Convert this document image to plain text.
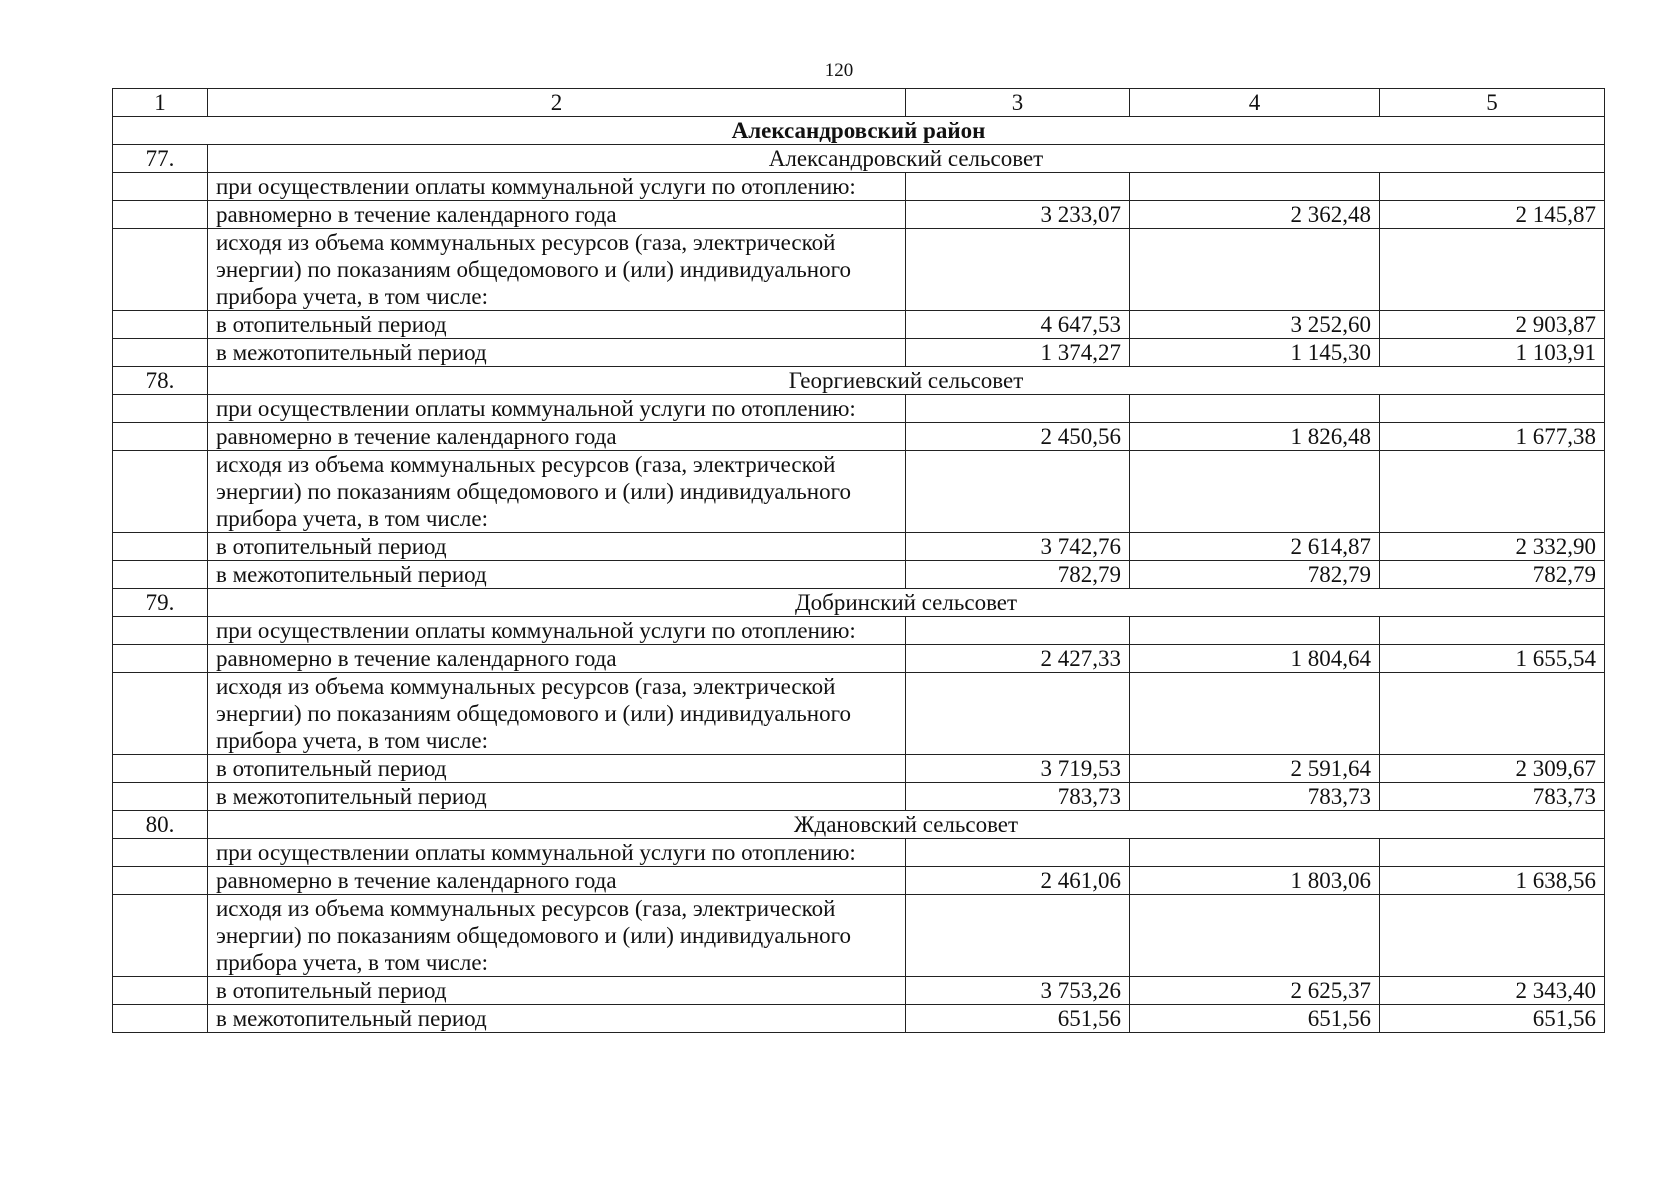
120
1	2	3	4	5
Александровский район				
77.	Александровский сельсовет			
	при осуществлении оплаты коммунальной услуги по отоплению:			
	равномерно в течение календарного года	3 233,07	2 362,48	2 145,87
	исходя из объема коммунальных ресурсов (газа, электрической энергии) по показаниям общедомового и (или) индивидуального прибора учета, в том числе:			
	в отопительный период	4 647,53	3 252,60	2 903,87
	в межотопительный период	1 374,27	1 145,30	1 103,91
78.	Георгиевский сельсовет			
	при осуществлении оплаты коммунальной услуги по отоплению:			
	равномерно в течение календарного года	2 450,56	1 826,48	1 677,38
	исходя из объема коммунальных ресурсов (газа, электрической энергии) по показаниям общедомового и (или) индивидуального прибора учета, в том числе:			
	в отопительный период	3 742,76	2 614,87	2 332,90
	в межотопительный период	782,79	782,79	782,79
79.	Добринский сельсовет			
	при осуществлении оплаты коммунальной услуги по отоплению:			
	равномерно в течение календарного года	2 427,33	1 804,64	1 655,54
	исходя из объема коммунальных ресурсов (газа, электрической энергии) по показаниям общедомового и (или) индивидуального прибора учета, в том числе:			
	в отопительный период	3 719,53	2 591,64	2 309,67
	в межотопительный период	783,73	783,73	783,73
80.	Ждановский сельсовет			
	при осуществлении оплаты коммунальной услуги по отоплению:			
	равномерно в течение календарного года	2 461,06	1 803,06	1 638,56
	исходя из объема коммунальных ресурсов (газа, электрической энергии) по показаниям общедомового и (или) индивидуального прибора учета, в том числе:			
	в отопительный период	3 753,26	2 625,37	2 343,40
	в межотопительный период	651,56	651,56	651,56
